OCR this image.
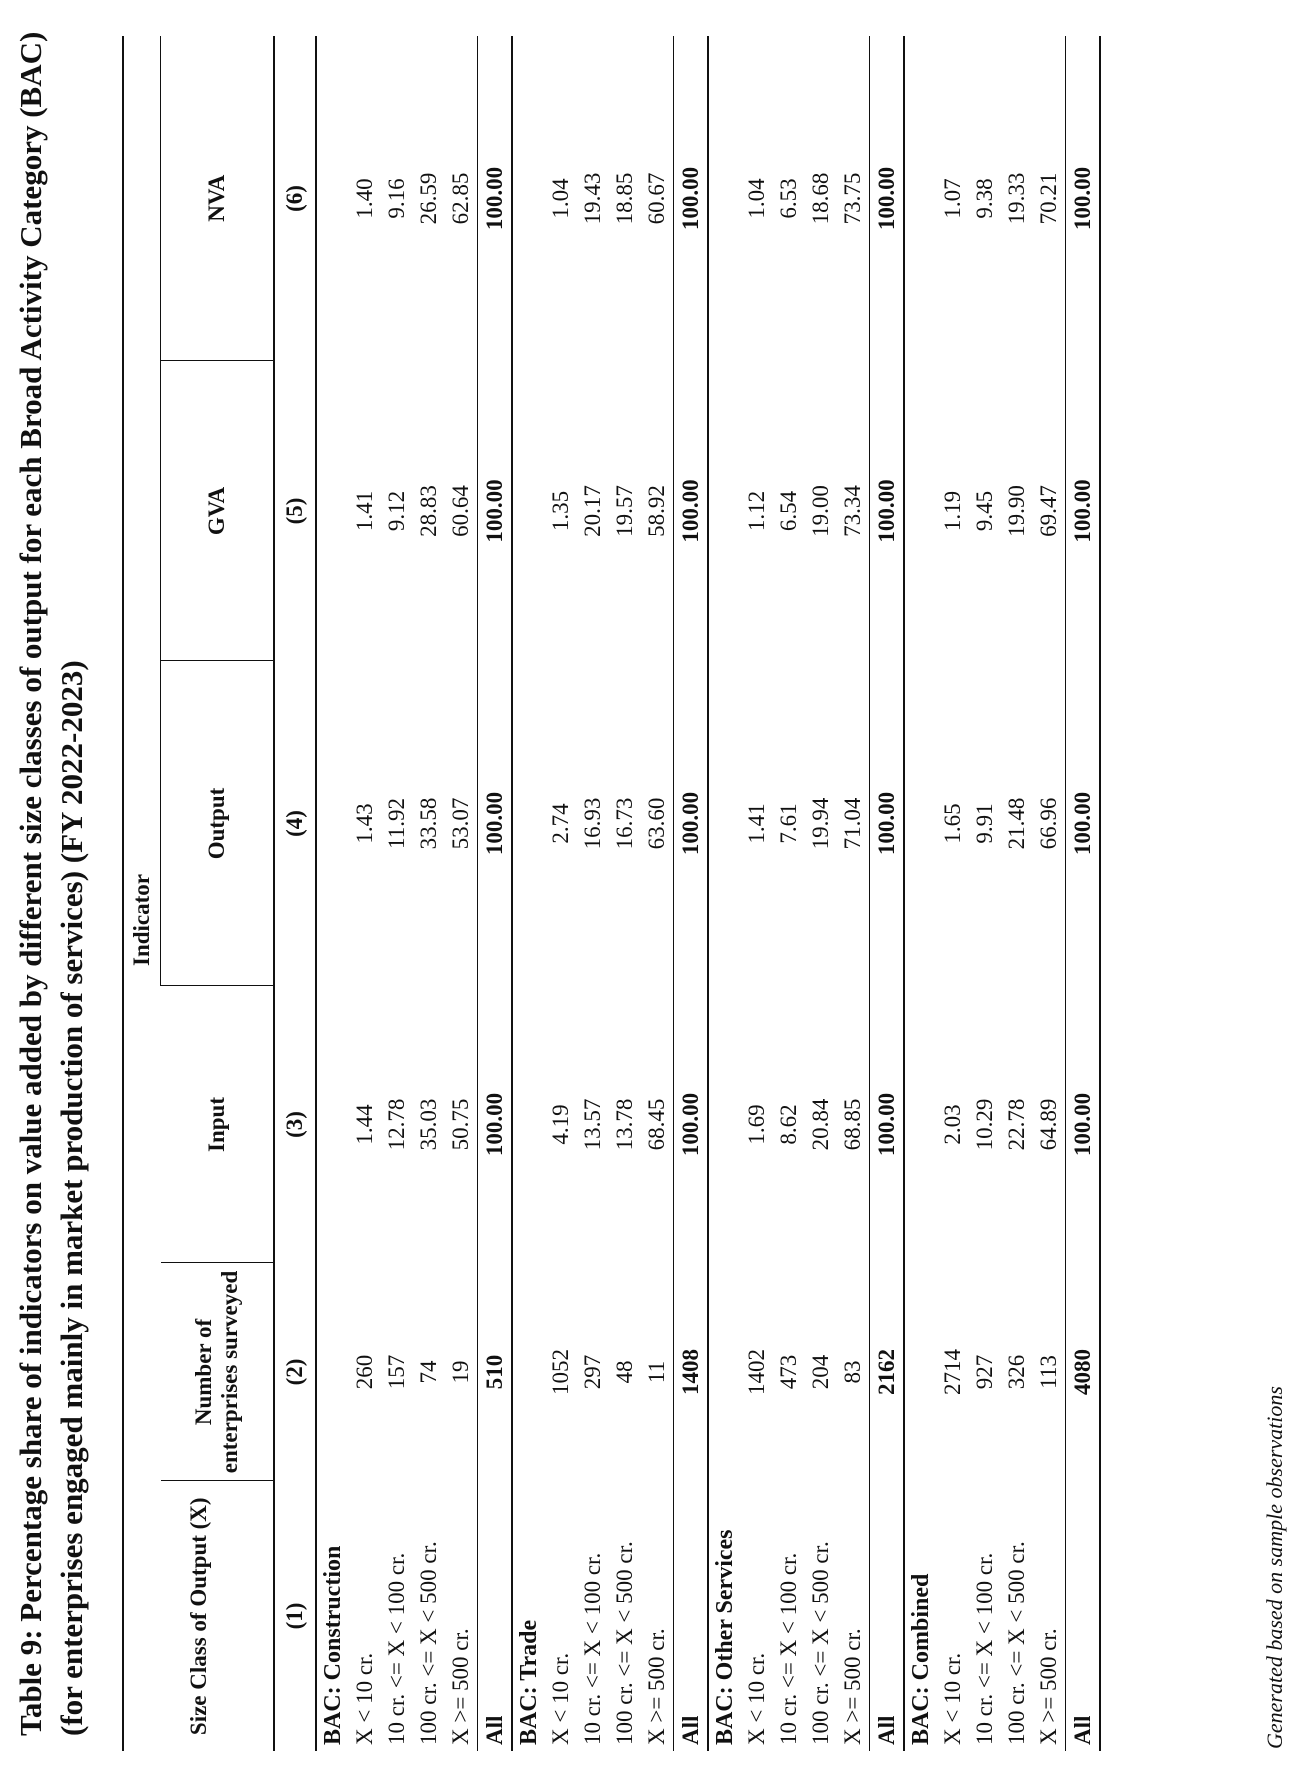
Table 9: Percentage share of indicators on value added by different size classes of output for each Broad Activity Category (BAC) (for enterprises engaged mainly in market production of services) (FY 2022-2023)	Size Class of Output (X)			Indicator		
	Number of enterprises surveyed	Input	Output	GVA	NVA
(1)	(2)	(3)	(4)	(5)	(6)
BAC: Construction					
X < 10 cr.	260	1.44	1.43	1.41	1.40
10 cr. <= X < 100 cr.	157	12.78	11.92	9.12	9.16
100 cr. <= X < 500 cr.	74	35.03	33.58	28.83	26.59
X >= 500 cr.	19	50.75	53.07	60.64	62.85
All	510	100.00	100.00	100.00	100.00
BAC: Trade					
X < 10 cr.	1052	4.19	2.74	1.35	1.04
10 cr. <= X < 100 cr.	297	13.57	16.93	20.17	19.43
100 cr. <= X < 500 cr.	48	13.78	16.73	19.57	18.85
X >= 500 cr.	11	68.45	63.60	58.92	60.67
All	1408	100.00	100.00	100.00	100.00
BAC: Other Services					
X < 10 cr.	1402	1.69	1.41	1.12	1.04
10 cr. <= X < 100 cr.	473	8.62	7.61	6.54	6.53
100 cr. <= X < 500 cr.	204	20.84	19.94	19.00	18.68
X >= 500 cr.	83	68.85	71.04	73.34	73.75
All	2162	100.00	100.00	100.00	100.00
BAC: Combined					
X < 10 cr.	2714	2.03	1.65	1.19	1.07
10 cr. <= X < 100 cr.	927	10.29	9.91	9.45	9.38
100 cr. <= X < 500 cr.	326	22.78	21.48	19.90	19.33
X >= 500 cr.	113	64.89	66.96	69.47	70.21
All	4080	100.00	100.00	100.00	100.00
Generated based on sample observations
